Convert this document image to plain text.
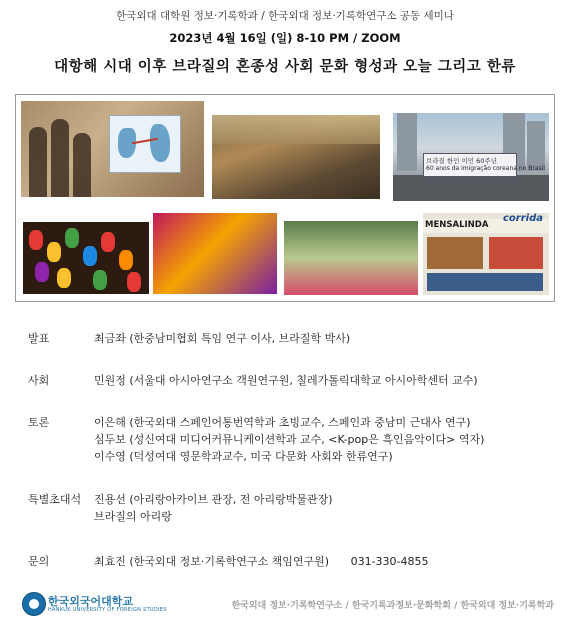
한국외대 대학원 정보·기록학과 / 한국외대 정보·기록학연구소 공동 세미나
2023년 4월 16일 (일) 8-10 PM / ZOOM
대항해 시대 이후 브라질의 혼종성 사회 문화 형성과 오늘 그리고 한류
브라질 한인 이민 60주년
60 anos da imigração coreana no Brasil
MENSALINDA
corrida
발표	최금좌 (한중남미협회 특임 연구 이사, 브라질학 박사)
사회	민원정 (서울대 아시아연구소 객원연구원, 칠레가톨릭대학교 아시아학센터 교수)
토론	이은해 (한국외대 스페인어통번역학과 초빙교수, 스페인과 중남미 근대사 연구)
심두보 (성신여대 미디어커뮤니케이션학과 교수, <K-pop은 흑인음악이다> 역자)
이수영 (덕성여대 영문학과교수, 미국 다문화 사회와 한류연구)
특별초대석	진용선 (아리랑아카이브 관장, 전 아리랑박물관장)
브라질의 아리랑
문의	최효진 (한국외대 정보·기록학연구소 책임연구원) 031-330-4855
한국외국어대학교
HANKUK UNIVERSITY OF FOREIGN STUDIES	한국외대 정보·기록학연구소 / 한국기록과정보·문화학회 / 한국외대 정보·기록학과
